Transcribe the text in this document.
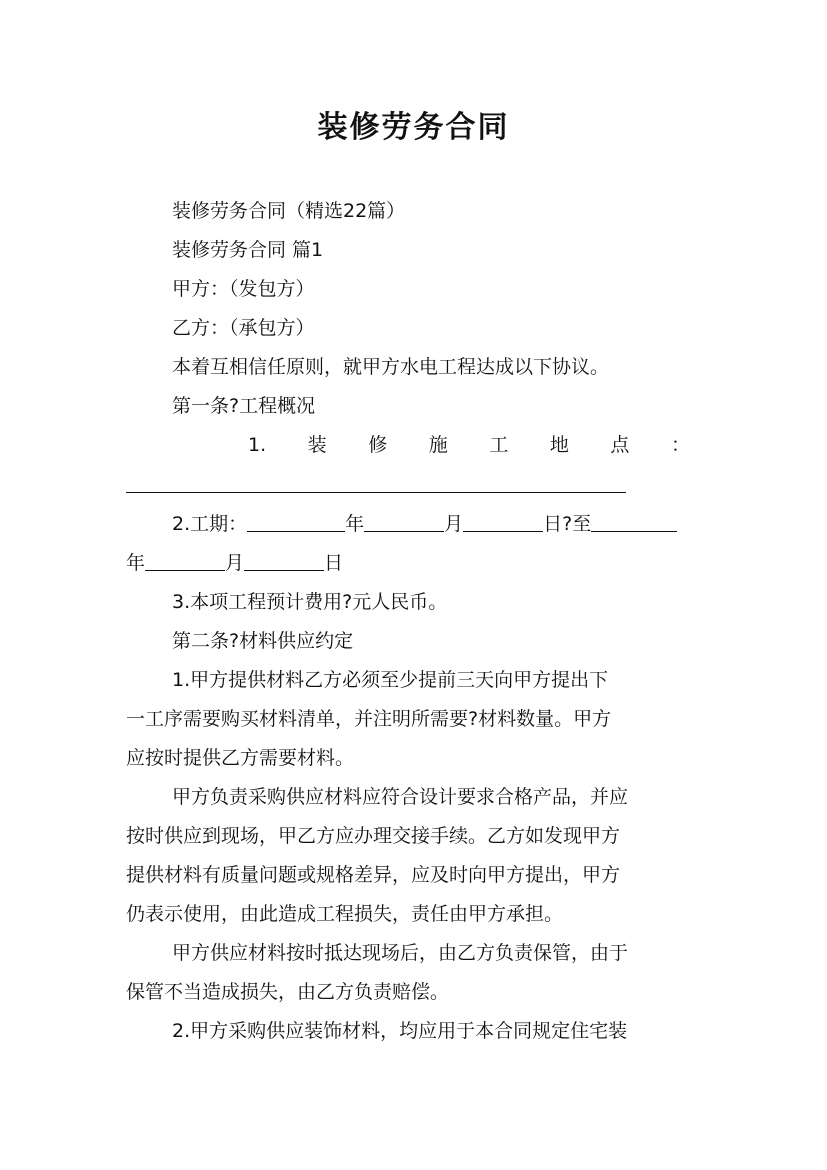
装修劳务合同
装修劳务合同（精选22篇）
装修劳务合同 篇1
甲方：（发包方）
乙方：（承包方）
本着互相信任原则，就甲方水电工程达成以下协议。
第一条?工程概况
1. 装 修 施 工 地 点 ：
2.工期：	年	月	日?至
年	月	日
3.本项工程预计费用?元人民币。
第二条?材料供应约定
1.甲方提供材料乙方必须至少提前三天向甲方提出下
一工序需要购买材料清单，并注明所需要?材料数量。甲方
应按时提供乙方需要材料。
甲方负责采购供应材料应符合设计要求合格产品，并应
按时供应到现场，甲乙方应办理交接手续。乙方如发现甲方
提供材料有质量问题或规格差异，应及时向甲方提出，甲方
仍表示使用，由此造成工程损失，责任由甲方承担。
甲方供应材料按时抵达现场后，由乙方负责保管，由于
保管不当造成损失，由乙方负责赔偿。
2.甲方采购供应装饰材料，均应用于本合同规定住宅装
